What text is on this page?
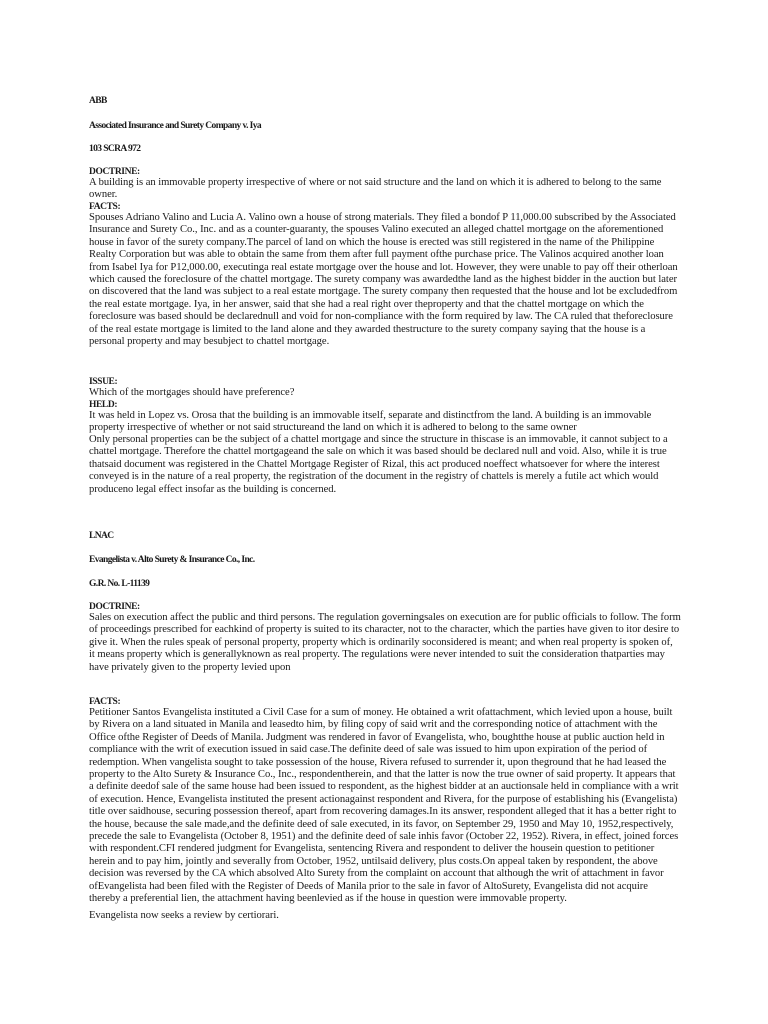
ABB
Associated Insurance and Surety Company v. Iya
103 SCRA 972
DOCTRINE:
A building is an immovable property irrespective of where or not said structure and the land on which it is adhered to belong to the same owner.
FACTS:
Spouses Adriano Valino and Lucia A. Valino own a house of strong materials. They filed a bondof P 11,000.00 subscribed by the Associated Insurance and Surety Co., Inc. and as a counter-guaranty, the spouses Valino executed an alleged chattel mortgage on the aforementioned house in favor of the surety company.The parcel of land on which the house is erected was still registered in the name of the Philippine Realty Corporation but was able to obtain the same from them after full payment ofthe purchase price. The Valinos acquired another loan from Isabel Iya for P12,000.00, executinga real estate mortgage over the house and lot. However, they were unable to pay off their otherloan which caused the foreclosure of the chattel mortgage. The surety company was awardedthe land as the highest bidder in the auction but later on discovered that the land was subject to a real estate mortgage. The surety company then requested that the house and lot be excludedfrom the real estate mortgage. Iya, in her answer, said that she had a real right over theproperty and that the chattel mortgage on which the foreclosure was based should be declarednull and void for non-compliance with the form required by law. The CA ruled that theforeclosure of the real estate mortgage is limited to the land alone and they awarded thestructure to the surety company saying that the house is a personal property and may besubject to chattel mortgage.
ISSUE:
Which of the mortgages should have preference?
HELD:
It was held in Lopez vs. Orosa that the building is an immovable itself, separate and distinctfrom the land. A building is an immovable property irrespective of whether or not said structureand the land on which it is adhered to belong to the same owner
Only personal properties can be the subject of a chattel mortgage and since the structure in thiscase is an immovable, it cannot subject to a chattel mortgage. Therefore the chattel mortgageand the sale on which it was based should be declared null and void. Also, while it is true thatsaid document was registered in the Chattel Mortgage Register of Rizal, this act produced noeffect whatsoever for where the interest conveyed is in the nature of a real property, the registration of the document in the registry of chattels is merely a futile act which would produceno legal effect insofar as the building is concerned.
LNAC
Evangelista v. Alto Surety & Insurance Co., Inc.
G.R. No. L-11139
DOCTRINE:
Sales on execution affect the public and third persons. The regulation governingsales on execution are for public officials to follow. The form of proceedings prescribed for eachkind of property is suited to its character, not to the character, which the parties have given to itor desire to give it. When the rules speak of personal property, property which is ordinarily soconsidered is meant; and when real property is spoken of, it means property which is generallyknown as real property. The regulations were never intended to suit the consideration thatparties may have privately given to the property levied upon
FACTS:
Petitioner Santos Evangelista instituted a Civil Case for a sum of money. He obtained a writ ofattachment, which levied upon a house, built by Rivera on a land situated in Manila and leasedto him, by filing copy of said writ and the corresponding notice of attachment with the Office ofthe Register of Deeds of Manila. Judgment was rendered in favor of Evangelista, who, boughtthe house at public auction held in compliance with the writ of execution issued in said case.The definite deed of sale was issued to him upon expiration of the period of redemption. When vangelista sought to take possession of the house, Rivera refused to surrender it, upon theground that he had leased the property to the Alto Surety & Insurance Co., Inc., respondentherein, and that the latter is now the true owner of said property. It appears that a definite deedof sale of the same house had been issued to respondent, as the highest bidder at an auctionsale held in compliance with a writ of execution. Hence, Evangelista instituted the present actionagainst respondent and Rivera, for the purpose of establishing his (Evangelista) title over saidhouse, securing possession thereof, apart from recovering damages.In its answer, respondent alleged that it has a better right to the house, because the sale made,and the definite deed of sale executed, in its favor, on September 29, 1950 and May 10, 1952,respectively, precede the sale to Evangelista (October 8, 1951) and the definite deed of sale inhis favor (October 22, 1952). Rivera, in effect, joined forces with respondent.CFI rendered judgment for Evangelista, sentencing Rivera and respondent to deliver the housein question to petitioner herein and to pay him, jointly and severally from October, 1952, untilsaid delivery, plus costs.On appeal taken by respondent, the above decision was reversed by the CA which absolved Alto Surety from the complaint on account that although the writ of attachment in favor ofEvangelista had been filed with the Register of Deeds of Manila prior to the sale in favor of AltoSurety, Evangelista did not acquire thereby a preferential lien, the attachment having beenlevied as if the house in question were immovable property.
Evangelista now seeks a review by certiorari.
